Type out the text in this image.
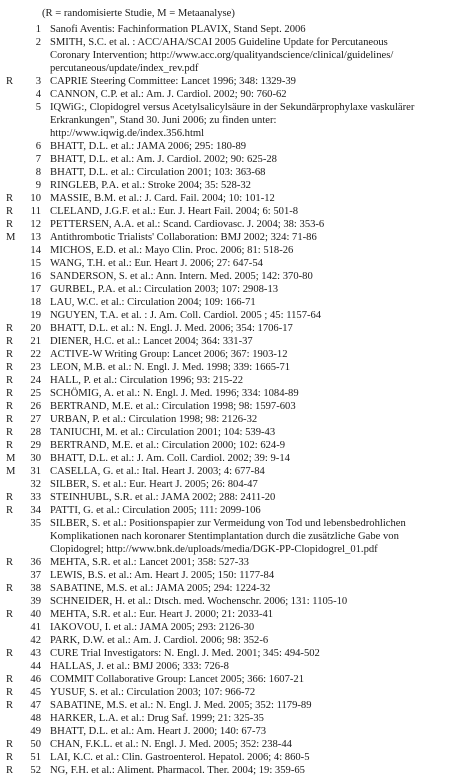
(R = randomisierte Studie, M = Metaanalyse)
1 Sanofi Aventis: Fachinformation PLAVIX, Stand Sept. 2006
2 SMITH, S.C. et al. : ACC/AHA/SCAI 2005 Guideline Update for Percutaneous
Coronary Intervention; http://www.acc.org/qualityandscience/clinical/guidelines/
percutaneous/update/index_rev.pdf
R	3 CAPRIE Steering Committee: Lancet 1996; 348: 1329-39
4 CANNON, C.P. et al.: Am. J. Cardiol. 2002; 90: 760-62
5 IQWiG:, Clopidogrel versus Acetylsalicylsäure in der Sekundärprophylaxe vaskulärer
Erkrankungen", Stand 30. Juni 2006; zu finden unter:
http://www.iqwig.de/index.356.html
6 BHATT, D.L. et al.: JAMA 2006; 295: 180-89
7 BHATT, D.L. et al.: Am. J. Cardiol. 2002; 90: 625-28
8 BHATT, D.L. et al.: Circulation 2001; 103: 363-68
9 RINGLEB, P.A. et al.: Stroke 2004; 35: 528-32
R	10 MASSIE, B.M. et al.: J. Card. Fail. 2004; 10: 101-12
R	11 CLELAND, J.G.F. et al.: Eur. J. Heart Fail. 2004; 6: 501-8
R	12 PETTERSEN, A.A. et al.: Scand. Cardiovasc. J. 2004; 38: 353-6
M	13 Antithrombotic Trialists' Collaboration: BMJ 2002; 324: 71-86
14 MICHOS, E.D. et al.: Mayo Clin. Proc. 2006; 81: 518-26
15 WANG, T.H. et al.: Eur. Heart J. 2006; 27: 647-54
16 SANDERSON, S. et al.: Ann. Intern. Med. 2005; 142: 370-80
17 GURBEL, P.A. et al.: Circulation 2003; 107: 2908-13
18 LAU, W.C. et al.: Circulation 2004; 109: 166-71
19 NGUYEN, T.A. et al. : J. Am. Coll. Cardiol. 2005 ; 45: 1157-64
R	20 BHATT, D.L. et al.: N. Engl. J. Med. 2006; 354: 1706-17
R	21 DIENER, H.C. et al.: Lancet 2004; 364: 331-37
R	22 ACTIVE-W Writing Group: Lancet 2006; 367: 1903-12
R	23 LEON, M.B. et al.: N. Engl. J. Med. 1998; 339: 1665-71
R	24 HALL, P. et al.: Circulation 1996; 93: 215-22
R	25 SCHÖMIG, A. et al.: N. Engl. J. Med. 1996; 334: 1084-89
R	26 BERTRAND, M.E. et al.: Circulation 1998; 98: 1597-603
R	27 URBAN, P. et al.: Circulation 1998; 98: 2126-32
R	28 TANIUCHI, M. et al.: Circulation 2001; 104: 539-43
R	29 BERTRAND, M.E. et al.: Circulation 2000; 102: 624-9
M	30 BHATT, D.L. et al.: J. Am. Coll. Cardiol. 2002; 39: 9-14
M	31 CASELLA, G. et al.: Ital. Heart J. 2003; 4: 677-84
32 SILBER, S. et al.: Eur. Heart J. 2005; 26: 804-47
R	33 STEINHUBL, S.R. et al.: JAMA 2002; 288: 2411-20
R	34 PATTI, G. et al.: Circulation 2005; 111: 2099-106
35 SILBER, S. et al.: Positionspapier zur Vermeidung von Tod und lebensbedrohlichen
Komplikationen nach koronarer Stentimplantation durch die zusätzliche Gabe von
Clopidogrel; http://www.bnk.de/uploads/media/DGK-PP-Clopidogrel_01.pdf
R	36 MEHTA, S.R. et al.: Lancet 2001; 358: 527-33
37 LEWIS, B.S. et al.: Am. Heart J. 2005; 150: 1177-84
R	38 SABATINE, M.S. et al.: JAMA 2005; 294: 1224-32
39 SCHNEIDER, H. et al.: Dtsch. med. Wochenschr. 2006; 131: 1105-10
R	40 MEHTA, S.R. et al.: Eur. Heart J. 2000; 21: 2033-41
41 IAKOVOU, I. et al.: JAMA 2005; 293: 2126-30
42 PARK, D.W. et al.: Am. J. Cardiol. 2006; 98: 352-6
R	43 CURE Trial Investigators: N. Engl. J. Med. 2001; 345: 494-502
44 HALLAS, J. et al.: BMJ 2006; 333: 726-8
R	46 COMMIT Collaborative Group: Lancet 2005; 366: 1607-21
R	45 YUSUF, S. et al.: Circulation 2003; 107: 966-72
R	47 SABATINE, M.S. et al.: N. Engl. J. Med. 2005; 352: 1179-89
48 HARKER, L.A. et al.: Drug Saf. 1999; 21: 325-35
49 BHATT, D.L. et al.: Am. Heart J. 2000; 140: 67-73
R	50 CHAN, F.K.L. et al.: N. Engl. J. Med. 2005; 352: 238-44
R	51 LAI, K.C. et al.: Clin. Gastroenterol. Hepatol. 2006; 4: 860-5
R	52 NG, F.H. et al.: Aliment. Pharmacol. Ther. 2004; 19: 359-65
